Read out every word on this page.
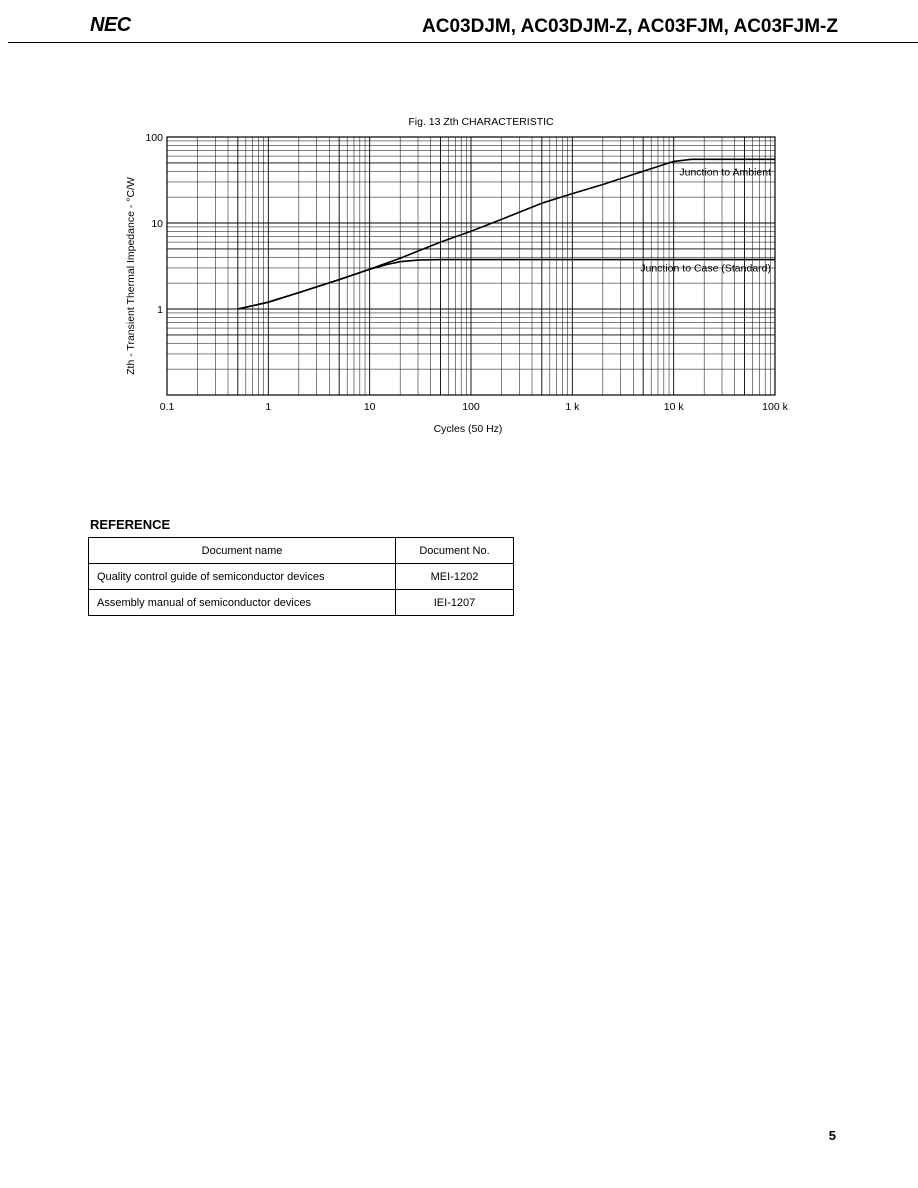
NEC	AC03DJM, AC03DJM-Z, AC03FJM, AC03FJM-Z
Junction to Ambient
Junction to Case (Standard)
Fig. 13 Zth CHARACTERISTIC
0.1	1	10	100	1 k	10 k	100 k
1
10
100
Cycles (50 Hz)
Zth - Transient Thermal Impedance - °C/W
REFERENCE
Document name	Document No.
Quality control guide of semiconductor devices	MEI-1202
Assembly manual of semiconductor devices	IEI-1207
5
